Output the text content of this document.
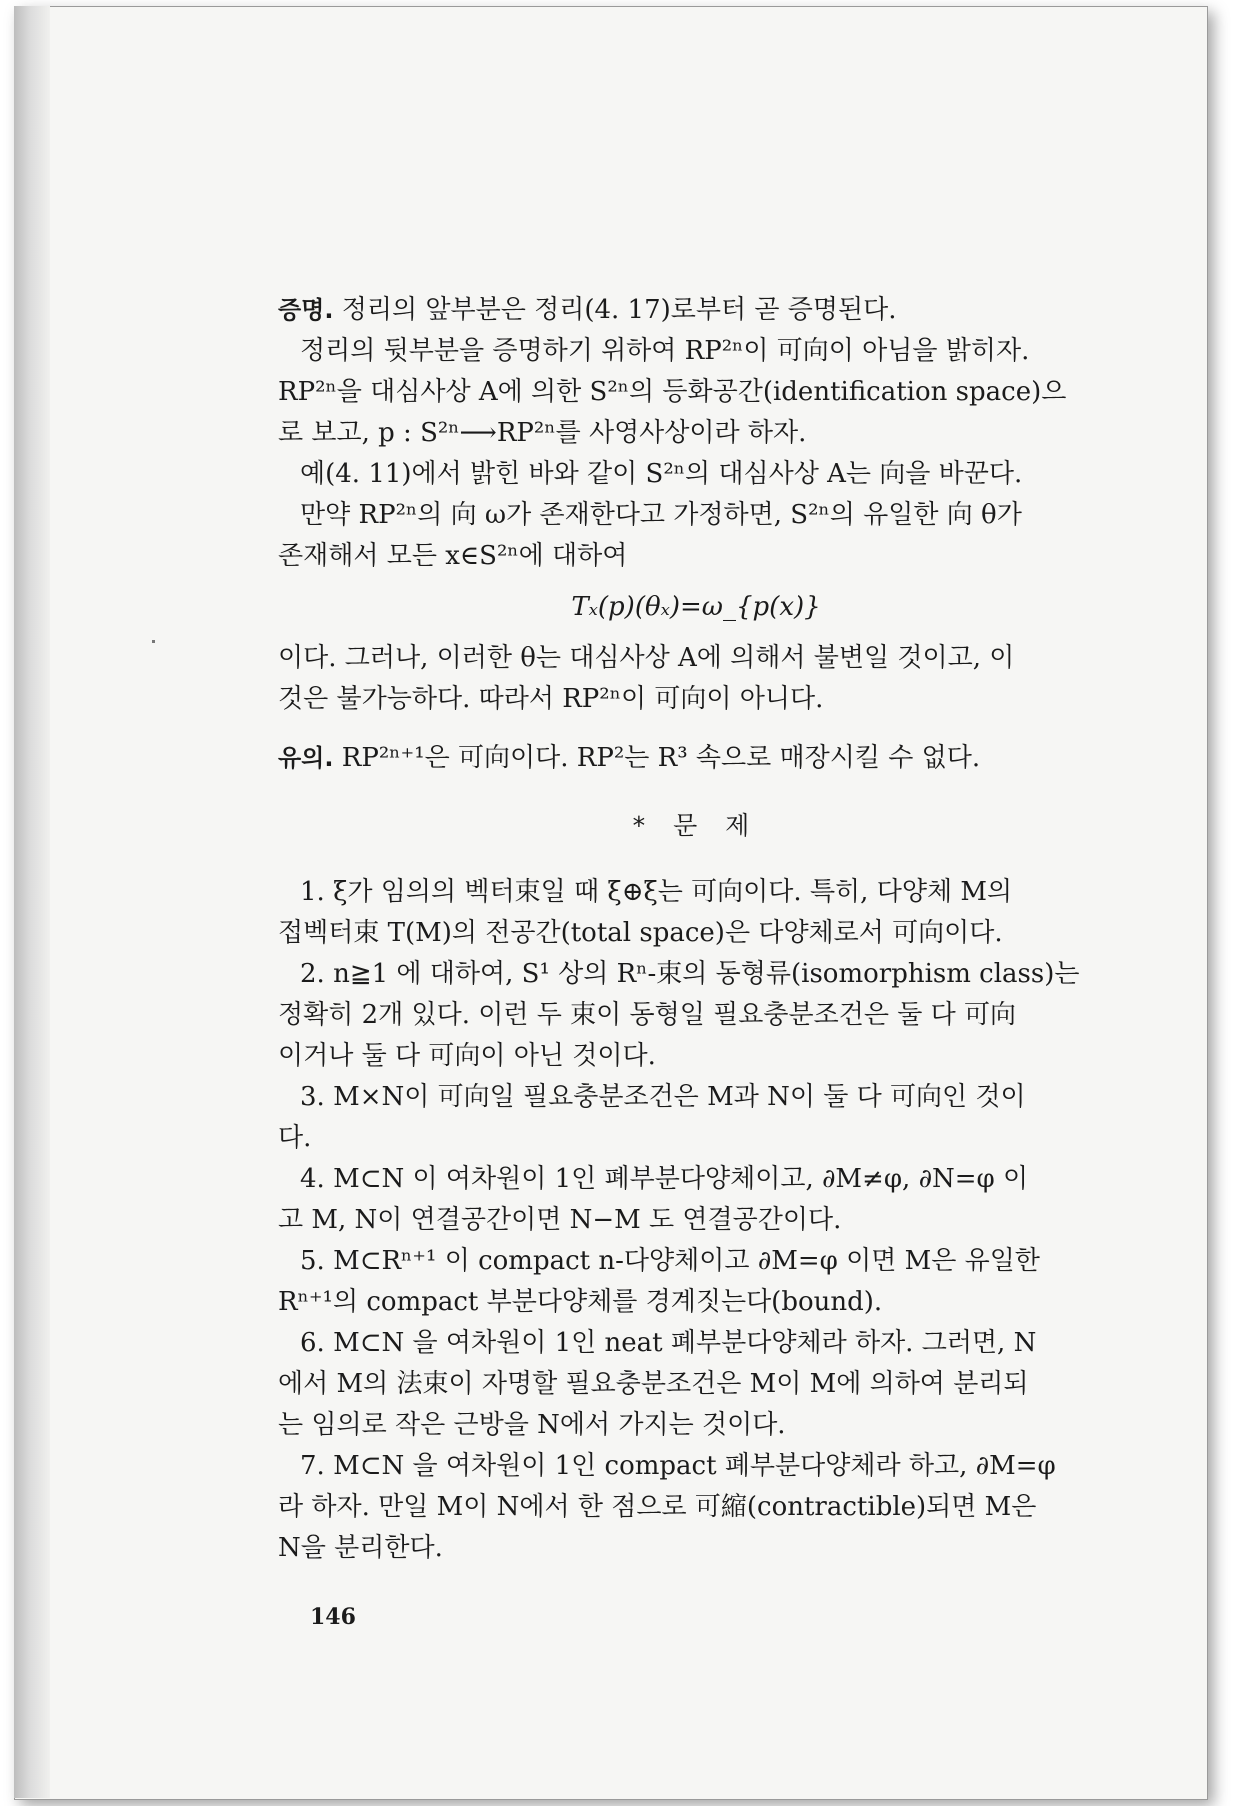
증명. 정리의 앞부분은 정리(4. 17)로부터 곧 증명된다.
정리의 뒷부분을 증명하기 위하여 RP²ⁿ이 可向이 아님을 밝히자.
RP²ⁿ을 대심사상 A에 의한 S²ⁿ의 등화공간(identification space)으
로 보고, p : S²ⁿ⟶RP²ⁿ를 사영사상이라 하자.
예(4. 11)에서 밝힌 바와 같이 S²ⁿ의 대심사상 A는 向을 바꾼다.
만약 RP²ⁿ의 向 ω가 존재한다고 가정하면, S²ⁿ의 유일한 向 θ가
존재해서 모든 x∈S²ⁿ에 대하여
Tₓ(p)(θₓ)=ω_{p(x)}
이다. 그러나, 이러한 θ는 대심사상 A에 의해서 불변일 것이고, 이
것은 불가능하다. 따라서 RP²ⁿ이 可向이 아니다.
유의. RP²ⁿ⁺¹은 可向이다. RP²는 R³ 속으로 매장시킬 수 없다.
* 문 제
1. ξ가 임의의 벡터束일 때 ξ⊕ξ는 可向이다. 특히, 다양체 M의
접벡터束 T(M)의 전공간(total space)은 다양체로서 可向이다.
2. n≧1 에 대하여, S¹ 상의 Rⁿ-束의 동형류(isomorphism class)는
정확히 2개 있다. 이런 두 束이 동형일 필요충분조건은 둘 다 可向
이거나 둘 다 可向이 아닌 것이다.
3. M×N이 可向일 필요충분조건은 M과 N이 둘 다 可向인 것이
다.
4. M⊂N 이 여차원이 1인 폐부분다양체이고, ∂M≠φ, ∂N=φ 이
고 M, N이 연결공간이면 N−M 도 연결공간이다.
5. M⊂Rⁿ⁺¹ 이 compact n-다양체이고 ∂M=φ 이면 M은 유일한
Rⁿ⁺¹의 compact 부분다양체를 경계짓는다(bound).
6. M⊂N 을 여차원이 1인 neat 폐부분다양체라 하자. 그러면, N
에서 M의 法束이 자명할 필요충분조건은 M이 M에 의하여 분리되
는 임의로 작은 근방을 N에서 가지는 것이다.
7. M⊂N 을 여차원이 1인 compact 폐부분다양체라 하고, ∂M=φ
라 하자. 만일 M이 N에서 한 점으로 可縮(contractible)되면 M은
N을 분리한다.
146
